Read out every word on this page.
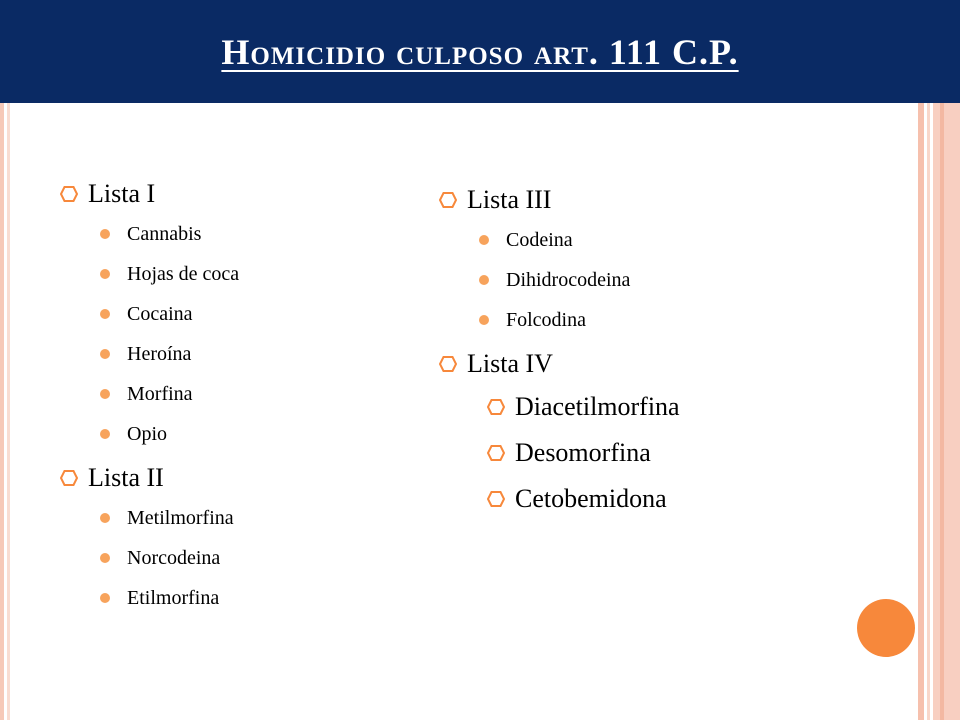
Homicidio culposo art. 111 C.P.
Lista I
Cannabis
Hojas de coca
Cocaina
Heroína
Morfina
Opio
Lista II
Metilmorfina
Norcodeina
Etilmorfina
Lista III
Codeina
Dihidrocodeina
Folcodina
Lista IV
Diacetilmorfina
Desomorfina
Cetobemidona
